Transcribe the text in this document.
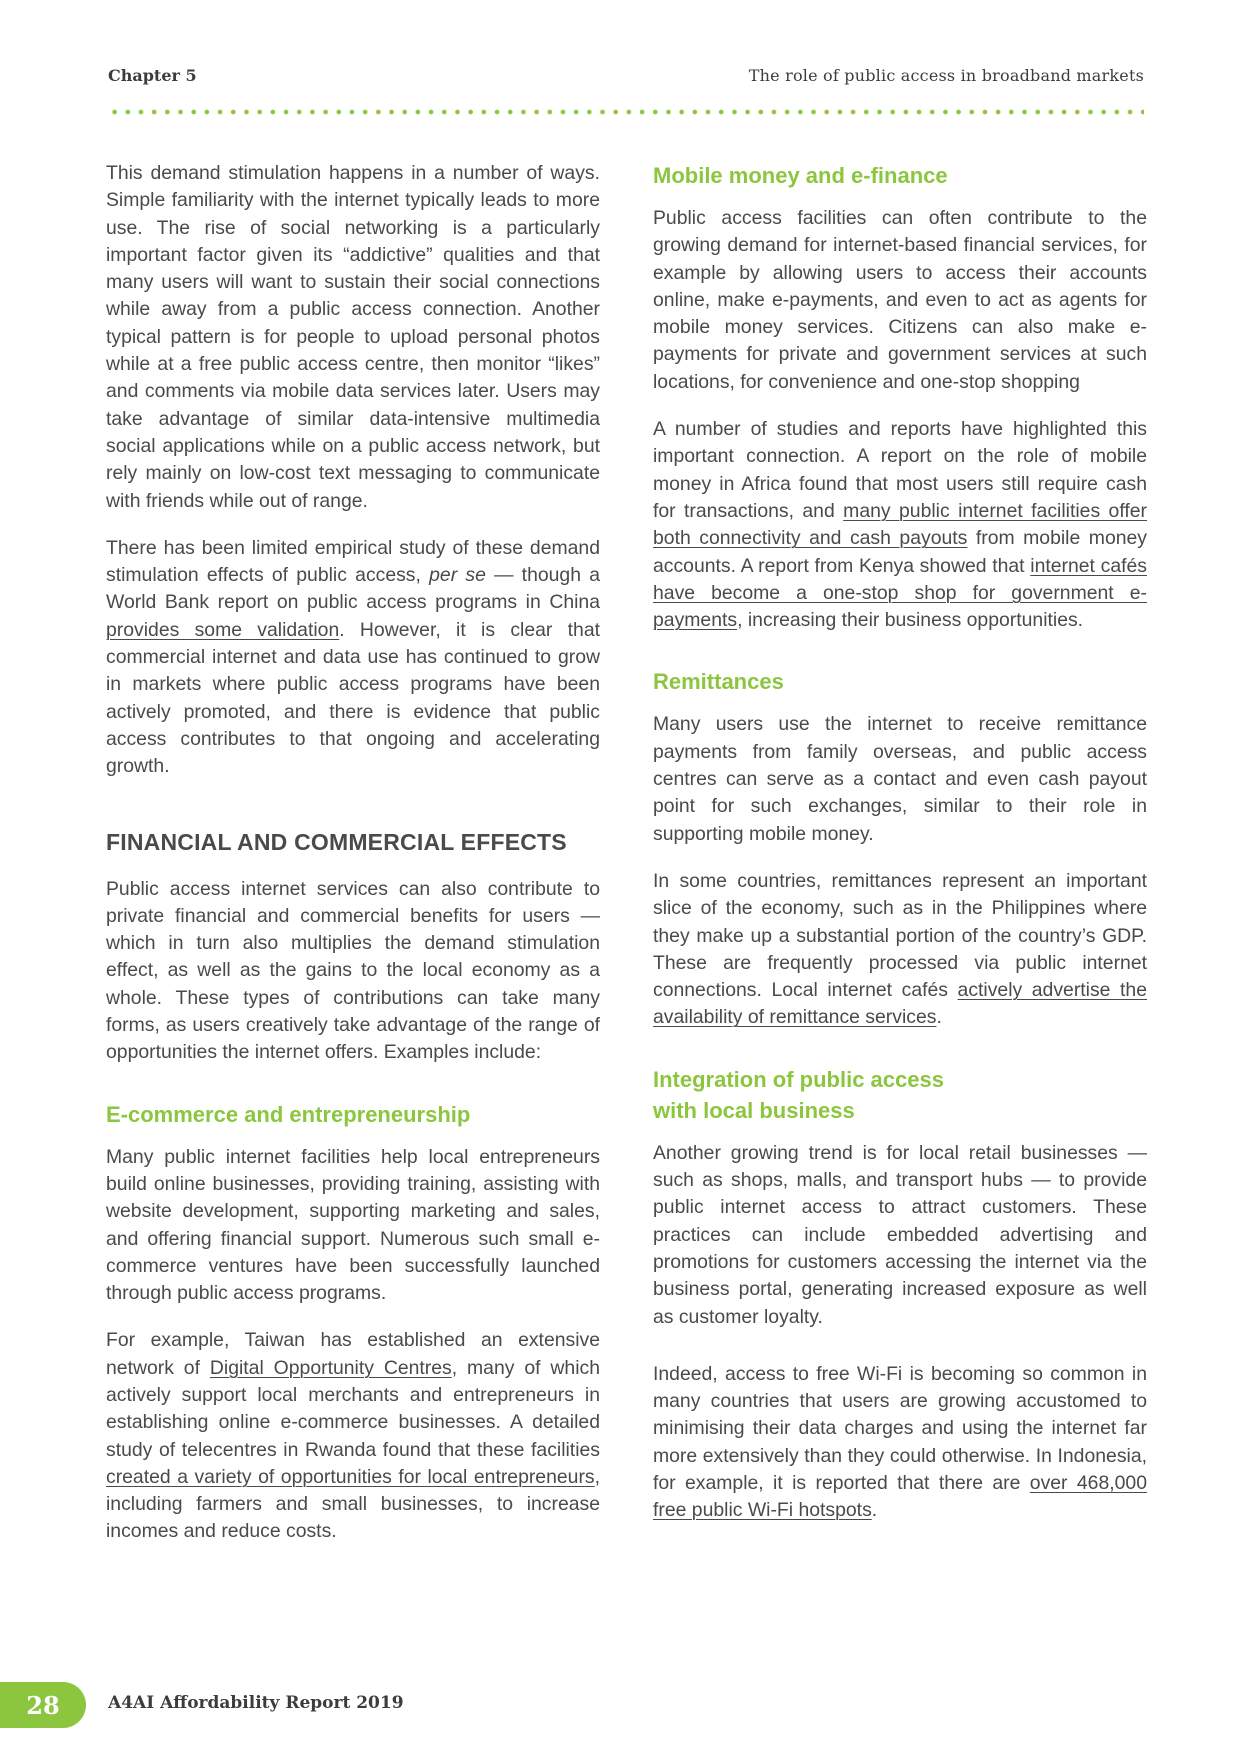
Chapter 5	The role of public access in broadband markets

This demand stimulation happens in a number of ways. Simple familiarity with the internet typically leads to more use. The rise of social networking is a particularly important factor given its “addictive” qualities and that many users will want to sustain their social connections while away from a public access connection. Another typical pattern is for people to upload personal photos while at a free public access centre, then monitor “likes” and comments via mobile data services later. Users may take advantage of similar data-intensive multimedia social applications while on a public access network, but rely mainly on low-cost text messaging to communicate with friends while out of range.

There has been limited empirical study of these demand stimulation effects of public access, per se — though a World Bank report on public access programs in China provides some validation. However, it is clear that commercial internet and data use has continued to grow in markets where public access programs have been actively promoted, and there is evidence that public access contributes to that ongoing and accelerating growth.

FINANCIAL AND COMMERCIAL EFFECTS

Public access internet services can also contribute to private financial and commercial benefits for users — which in turn also multiplies the demand stimulation effect, as well as the gains to the local economy as a whole. These types of contributions can take many forms, as users creatively take advantage of the range of opportunities the internet offers. Examples include:

E-commerce and entrepreneurship

Many public internet facilities help local entrepreneurs build online businesses, providing training, assisting with website development, supporting marketing and sales, and offering financial support. Numerous such small e-commerce ventures have been successfully launched through public access programs.

For example, Taiwan has established an extensive network of Digital Opportunity Centres, many of which actively support local merchants and entrepreneurs in establishing online e-commerce businesses. A detailed study of telecentres in Rwanda found that these facilities created a variety of opportunities for local entrepreneurs, including farmers and small businesses, to increase incomes and reduce costs.

Mobile money and e-finance

Public access facilities can often contribute to the growing demand for internet-based financial services, for example by allowing users to access their accounts online, make e-payments, and even to act as agents for mobile money services. Citizens can also make e-payments for private and government services at such locations, for convenience and one-stop shopping

A number of studies and reports have highlighted this important connection. A report on the role of mobile money in Africa found that most users still require cash for transactions, and many public internet facilities offer both connectivity and cash payouts from mobile money accounts. A report from Kenya showed that internet cafés have become a one-stop shop for government e-payments, increasing their business opportunities.

Remittances

Many users use the internet to receive remittance payments from family overseas, and public access centres can serve as a contact and even cash payout point for such exchanges, similar to their role in supporting mobile money.

In some countries, remittances represent an important slice of the economy, such as in the Philippines where they make up a substantial portion of the country’s GDP. These are frequently processed via public internet connections. Local internet cafés actively advertise the availability of remittance services.

Integration of public access
with local business

Another growing trend is for local retail businesses — such as shops, malls, and transport hubs — to provide public internet access to attract customers. These practices can include embedded advertising and promotions for customers accessing the internet via the business portal, generating increased exposure as well as customer loyalty.

Indeed, access to free Wi-Fi is becoming so common in many countries that users are growing accustomed to minimising their data charges and using the internet far more extensively than they could otherwise. In Indonesia, for example, it is reported that there are over 468,000 free public Wi-Fi hotspots.

28	A4AI Affordability Report 2019
